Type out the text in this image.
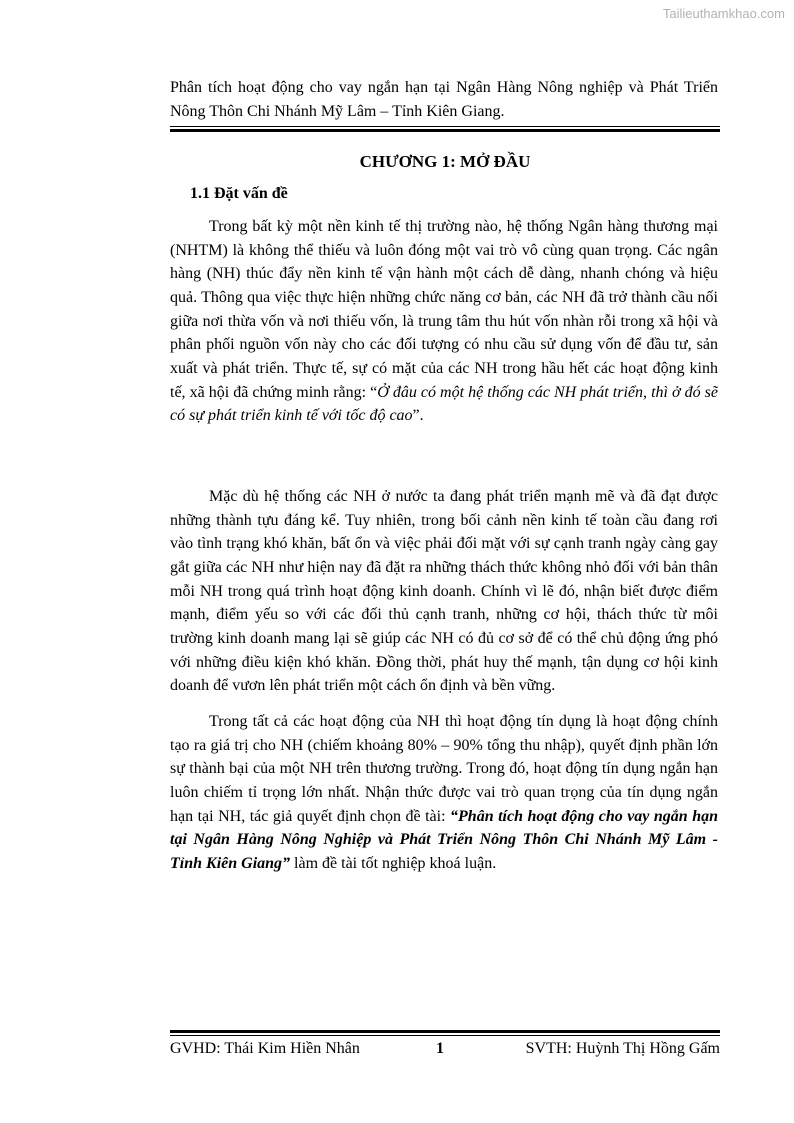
Tailieuthamkhao.com
Phân tích hoạt động cho vay ngắn hạn tại Ngân Hàng Nông nghiệp và Phát Triển Nông Thôn Chi Nhánh Mỹ Lâm – Tỉnh Kiên Giang.
CHƯƠNG 1: MỞ ĐẦU
1.1 Đặt vấn đề

Trong bất kỳ một nền kinh tế thị trường nào, hệ thống Ngân hàng thương mại (NHTM) là không thể thiếu và luôn đóng một vai trò vô cùng quan trọng. Các ngân hàng (NH) thúc đẩy nền kinh tế vận hành một cách dễ dàng, nhanh chóng và hiệu quả. Thông qua việc thực hiện những chức năng cơ bản, các NH đã trở thành cầu nối giữa nơi thừa vốn và nơi thiếu vốn, là trung tâm thu hút vốn nhàn rỗi trong xã hội và phân phối nguồn vốn này cho các đối tượng có nhu cầu sử dụng vốn để đầu tư, sản xuất và phát triển. Thực tế, sự có mặt của các NH trong hầu hết các hoạt động kinh tế, xã hội đã chứng minh rằng: “Ở đâu có một hệ thống các NH phát triển, thì ở đó sẽ có sự phát triển kinh tế với tốc độ cao”.

Mặc dù hệ thống các NH ở nước ta đang phát triển mạnh mẽ và đã đạt được những thành tựu đáng kể. Tuy nhiên, trong bối cảnh nền kinh tế toàn cầu đang rơi vào tình trạng khó khăn, bất ổn và việc phải đối mặt với sự cạnh tranh ngày càng gay gắt giữa các NH như hiện nay đã đặt ra những thách thức không nhỏ đối với bản thân mỗi NH trong quá trình hoạt động kinh doanh. Chính vì lẽ đó, nhận biết được điểm mạnh, điểm yếu so với các đối thủ cạnh tranh, những cơ hội, thách thức từ môi trường kinh doanh mang lại sẽ giúp các NH có đủ cơ sở để có thể chủ động ứng phó với những điều kiện khó khăn. Đồng thời, phát huy thế mạnh, tận dụng cơ hội kinh doanh để vươn lên phát triển một cách ổn định và bền vững.

Trong tất cả các hoạt động của NH thì hoạt động tín dụng là hoạt động chính tạo ra giá trị cho NH (chiếm khoảng 80% – 90% tổng thu nhập), quyết định phần lớn sự thành bại của một NH trên thương trường. Trong đó, hoạt động tín dụng ngắn hạn luôn chiếm tỉ trọng lớn nhất. Nhận thức được vai trò quan trọng của tín dụng ngắn hạn tại NH, tác giả quyết định chọn đề tài: “Phân tích hoạt động cho vay ngắn hạn tại Ngân Hàng Nông Nghiệp và Phát Triển Nông Thôn Chi Nhánh Mỹ Lâm - Tỉnh Kiên Giang” làm đề tài tốt nghiệp khoá luận.

GVHD: Thái Kim Hiền Nhân	1	SVTH: Huỳnh Thị Hồng Gấm
